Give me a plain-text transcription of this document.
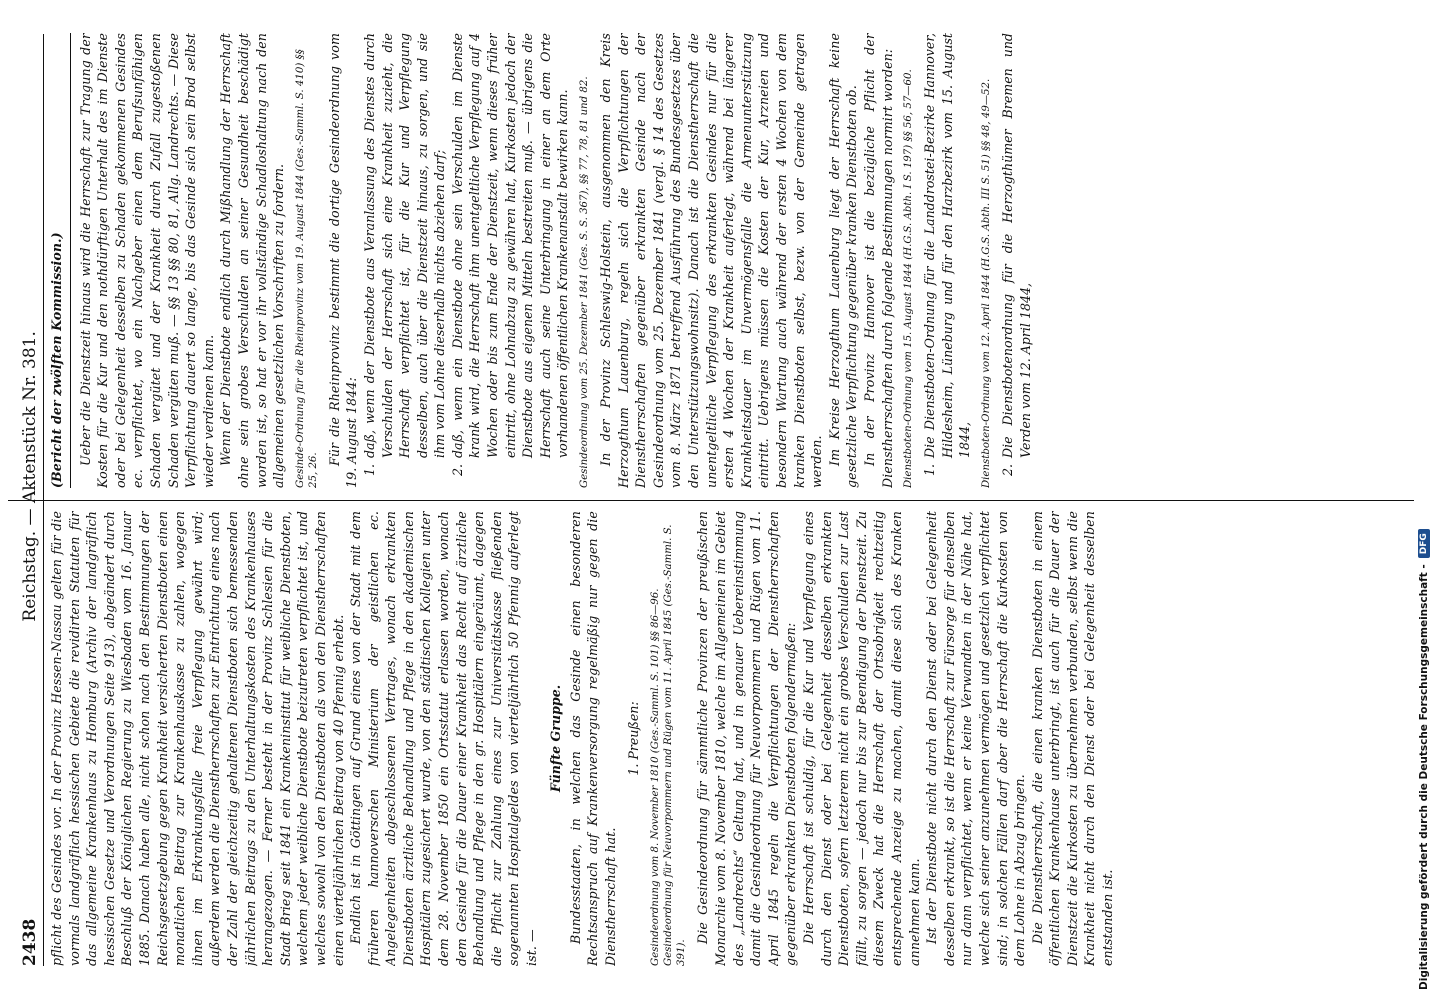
2438
Reichstag. — Aktenstück Nr. 381.

pflicht des Gesindes vor. In der Provinz Hessen-Nassau gelten für die vormals landgräflich hessischen Gebiete die revidirten Statuten für das allgemeine Krankenhaus zu Homburg (Archiv der landgräflich hessischen Gesetze und Verordnungen Seite 913), abgeändert durch Beschluß der Königlichen Regierung zu Wiesbaden vom 16. Januar 1885. Danach haben alle, nicht schon nach den Bestimmungen der Reichsgesetzgebung gegen Krankheit versicherten Dienstboten einen monatlichen Beitrag zur Krankenhauskasse zu zahlen, wogegen ihnen im Erkrankungsfalle freie Verpflegung gewährt wird; außerdem werden die Dienstherrschaften zur Entrichtung eines nach der Zahl der gleichzeitig gehaltenen Dienstboten sich bemessenden jährlichen Beitrags zu den Unterhaltungskosten des Krankenhauses herangezogen. — Ferner besteht in der Provinz Schlesien für die Stadt Brieg seit 1841 ein Krankeninstitut für weibliche Dienstboten, welchem jeder weibliche Dienstbote beizutreten verpflichtet ist, und welches sowohl von den Dienstboten als von den Dienstherrschaften einen vierteljährlichen Beitrag von 40 Pfennig erhebt. Endlich ist in Göttingen auf Grund eines von der Stadt mit dem früheren hannoverschen Ministerium der geistlichen ec. Angelegenheiten abgeschlossenen Vertrages, wonach erkrankten Dienstboten ärztliche Behandlung und Pflege in den akademischen Hospitälern zugesichert wurde, von den städtischen Kollegien unter dem 28. November 1850 ein Ortsstatut erlassen worden, wonach dem Gesinde für die Dauer einer Krankheit das Recht auf ärztliche Behandlung und Pflege in den gr. Hospitälern eingeräumt, dagegen die Pflicht zur Zahlung eines zur Universitätskasse fließenden sogenannten Hospitalgeldes von vierteljährlich 50 Pfennig auferlegt ist. —

Fünfte Gruppe. Bundesstaaten, in welchen das Gesinde einen besonderen Rechtsanspruch auf Krankenversorgung regelmäßig nur gegen die Dienstherrschaft hat.

1. Preußen: Gesindeordnung vom 8. November 1810 (Ges.-Samml. S. 101) §§ 86—96. Gesindeordnung für Neuvorpommern und Rügen vom 11. April 1845 (Ges.-Samml. S. 391).

Die Gesindeordnung für sämmtliche Provinzen der preußischen Monarchie vom 8. November 1810, welche im Allgemeinen im Gebiet des „Landrechts“ Geltung hat, und in genauer Uebereinstimmung damit die Gesindeordnung für Neuvorpommern und Rügen vom 11. April 1845 regeln die Verpflichtungen der Dienstherrschaften gegenüber erkrankten Dienstboten folgendermaßen: Die Herrschaft ist schuldig, für die Kur und Verpflegung eines durch den Dienst oder bei Gelegenheit desselben erkrankten Dienstboten, sofern letzterem nicht ein grobes Verschulden zur Last fällt, zu sorgen — jedoch nur bis zur Beendigung der Dienstzeit. Zu diesem Zweck hat die Herrschaft der Ortsobrigkeit rechtzeitig entsprechende Anzeige zu machen, damit diese sich des Kranken annehmen kann. Ist der Dienstbote nicht durch den Dienst oder bei Gelegenheit desselben erkrankt, so ist die Herrschaft zur Fürsorge für denselben nur dann verpflichtet, wenn er keine Verwandten in der Nähe hat, welche sich seiner anzunehmen vermögen und gesetzlich verpflichtet sind; in solchen Fällen darf aber die Herrschaft die Kurkosten von dem Lohne in Abzug bringen. Die Dienstherrschaft, die einen kranken Dienstboten in einem öffentlichen Krankenhause unterbringt, ist auch für die Dauer der Dienstzeit die Kurkosten zu übernehmen verbunden, selbst wenn die Krankheit nicht durch den Dienst oder bei Gelegenheit desselben entstanden ist.

(Bericht der zwölften Kommission.) Ueber die Dienstzeit hinaus wird die Herrschaft zur Tragung der Kosten für die Kur und den nothdürftigen Unterhalt des im Dienste oder bei Gelegenheit desselben zu Schaden gekommenen Gesindes ec. verpflichtet, wo ein Nachgeber einen dem Berufsunfähigen Schaden vergütet und der Krankheit durch Zufall zugestoßenen Schaden vergüten muß. — §§ 13 §§ 80, 81, Allg. Landrechts. — Diese Verpflichtung dauert so lange, bis das Gesinde sich sein Brod selbst wieder verdienen kann. Wenn der Dienstbote endlich durch Mißhandlung der Herrschaft ohne sein grobes Verschulden an seiner Gesundheit beschädigt worden ist, so hat er vor ihr vollständige Schadloshaltung nach den allgemeinen gesetzlichen Vorschriften zu fordern. Gesinde-Ordnung für die Rheinprovinz vom 19. August 1844 (Ges.-Samml. S. 410) §§ 25, 26.

Für die Rheinprovinz bestimmt die dortige Gesindeordnung vom 19. August 1844: 1.
daß, wenn der Dienstbote aus Veranlassung des Dienstes durch Verschulden der Herrschaft sich eine Krankheit zuzieht, die Herrschaft verpflichtet ist, für die Kur und Verpflegung desselben, auch über die Dienstzeit hinaus, zu sorgen, und sie ihm vom Lohne dieserhalb nichts abziehen darf;
2.
daß, wenn ein Dienstbote ohne sein Verschulden im Dienste krank wird, die Herrschaft ihm unentgeltliche Verpflegung auf 4 Wochen oder bis zum Ende der Dienstzeit, wenn dieses früher eintritt, ohne Lohnabzug zu gewähren hat, Kurkosten jedoch der Dienstbote aus eigenen Mitteln bestreiten muß. — übrigens die Herrschaft auch seine Unterbringung in einer an dem Orte vorhandenen öffentlichen Krankenanstalt bewirken kann. Gesindeordnung vom 25. Dezember 1841 (Ges. S. S. 367), §§ 77, 78, 81 und 82. In der Provinz Schleswig-Holstein, ausgenommen den Kreis Herzogthum Lauenburg, regeln sich die Verpflichtungen der Dienstherrschaften gegenüber erkrankten Gesinde nach der Gesindeordnung vom 25. Dezember 1841 (vergl. § 14 des Gesetzes vom 8. März 1871 betreffend Ausführung des Bundesgesetzes über den Unterstützungswohnsitz). Danach ist die Dienstherrschaft die unentgeltliche Verpflegung des erkrankten Gesindes nur für die ersten 4 Wochen der Krankheit auferlegt, während bei längerer Krankheitsdauer im Unvermögensfalle die Armenunterstützung eintritt. Uebrigens müssen die Kosten der Kur, Arzneien und besondern Wartung auch während der ersten 4 Wochen von dem kranken Dienstboten selbst, bezw. von der Gemeinde getragen werden. Im Kreise Herzogthum Lauenburg liegt der Herrschaft keine gesetzliche Verpflichtung gegenüber kranken Dienstboten ob. In der Provinz Hannover ist die bezügliche Pflicht der Dienstherrschaften durch folgende Bestimmungen normirt worden: Dienstboten-Ordnung vom 15. August 1844 (H.G.S. Abth. I S. 197) §§ 56, 57—60. 1.
Die Dienstboten-Ordnung für die Landdrostei-Bezirke Hannover, Hildesheim, Lüneburg und für den Harzbezirk vom 15. August 1844, Dienstboten-Ordnung vom 12. April 1844 (H.G.S. Abth. III S. 51) §§ 48, 49—52. 2.
Die Dienstbotenordnung für die Herzogthümer Bremen und Verden vom 12. April 1844,
Digitalisierung gefördert durch die Deutsche Forschungsgemeinschaft -
DFG
